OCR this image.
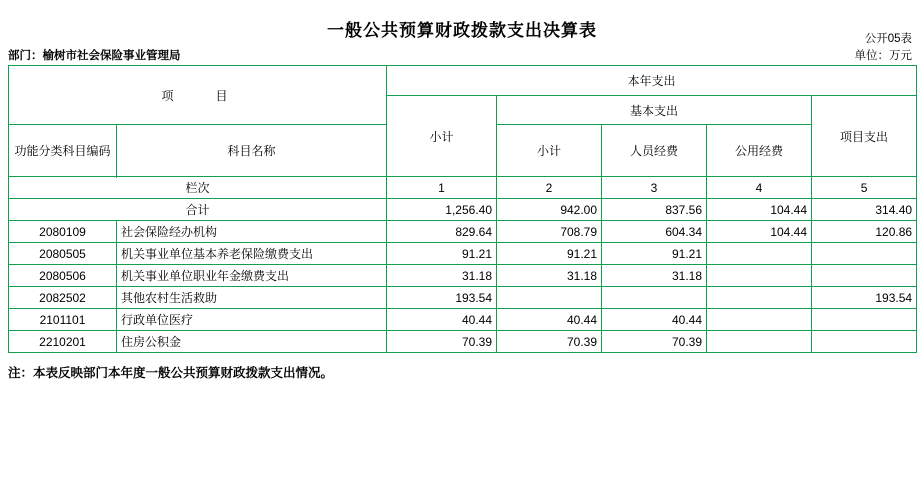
一般公共预算财政拨款支出决算表	公开05表
部门：榆树市社会保险事业管理局	单位：万元
项　　目		本年支出				
		小计	基本支出			项目支出
功能分类科目编码	科目名称		小计	人员经费	公用经费	

栏次		1	2	3	4	5
合计		1,256.40	942.00	837.56	104.44	314.40
2080109	社会保险经办机构	829.64	708.79	604.34	104.44	120.86
2080505	机关事业单位基本养老保险缴费支出	91.21	91.21	91.21		
2080506	机关事业单位职业年金缴费支出	31.18	31.18	31.18		
2082502	其他农村生活救助	193.54				193.54
2101101	行政单位医疗	40.44	40.44	40.44		
2210201	住房公积金	70.39	70.39	70.39		
注：本表反映部门本年度一般公共预算财政拨款支出情况。
